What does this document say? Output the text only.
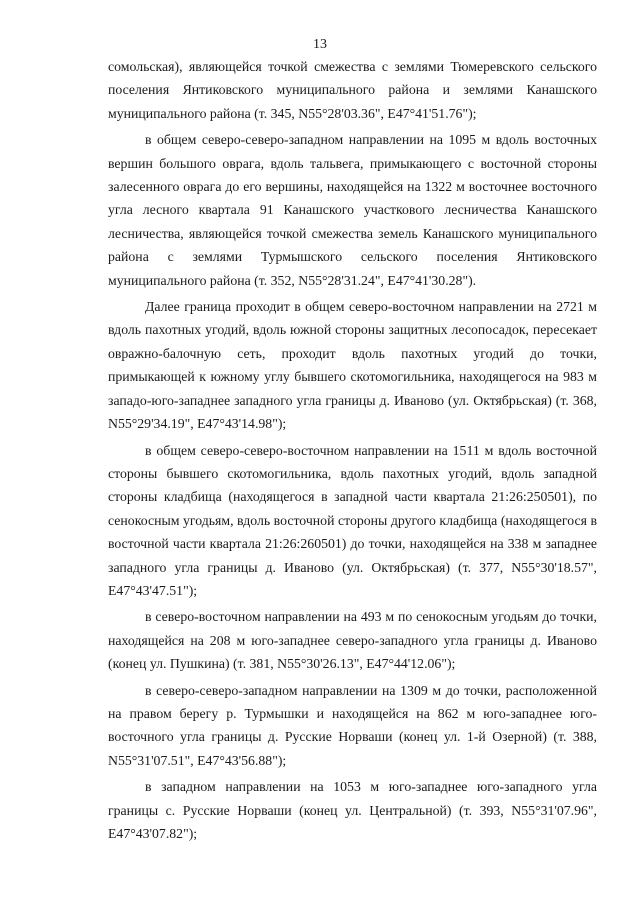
13

сомольская), являющейся точкой смежества с землями Тюмеревского сельского поселения Янтиковского муниципального района и землями Канашского муниципального района (т. 345, N55°28'03.36", E47°41'51.76");

в общем северо-северо-западном направлении на 1095 м вдоль восточных вершин большого оврага, вдоль тальвега, примыкающего с восточной стороны залесенного оврага до его вершины, находящейся на 1322 м восточнее восточного угла лесного квартала 91 Канашского участкового лесничества Канашского лесничества, являющейся точкой смежества земель Канашского муниципального района с землями Турмышского сельского поселения Янтиковского муниципального района (т. 352, N55°28'31.24", E47°41'30.28").

Далее граница проходит в общем северо-восточном направлении на 2721 м вдоль пахотных угодий, вдоль южной стороны защитных лесопосадок, пересекает овражно-балочную сеть, проходит вдоль пахотных угодий до точки, примыкающей к южному углу бывшего скотомогильника, находящегося на 983 м западо-юго-западнее западного угла границы д. Иваново (ул. Октябрьская) (т. 368, N55°29'34.19", E47°43'14.98");

в общем северо-северо-восточном направлении на 1511 м вдоль восточной стороны бывшего скотомогильника, вдоль пахотных угодий, вдоль западной стороны кладбища (находящегося в западной части квартала 21:26:250501), по сенокосным угодьям, вдоль восточной стороны другого кладбища (находящегося в восточной части квартала 21:26:260501) до точки, находящейся на 338 м западнее западного угла границы д. Иваново (ул. Октябрьская) (т. 377, N55°30'18.57", E47°43'47.51");

в северо-восточном направлении на 493 м по сенокосным угодьям до точки, находящейся на 208 м юго-западнее северо-западного угла границы д. Иваново (конец ул. Пушкина) (т. 381, N55°30'26.13", E47°44'12.06");

в северо-северо-западном направлении на 1309 м до точки, расположенной на правом берегу р. Турмышки и находящейся на 862 м юго-западнее юго-восточного угла границы д. Русские Норваши (конец ул. 1-й Озерной) (т. 388, N55°31'07.51", E47°43'56.88");

в западном направлении на 1053 м юго-западнее юго-западного угла границы с. Русские Норваши (конец ул. Центральной) (т. 393, N55°31'07.96", E47°43'07.82");
